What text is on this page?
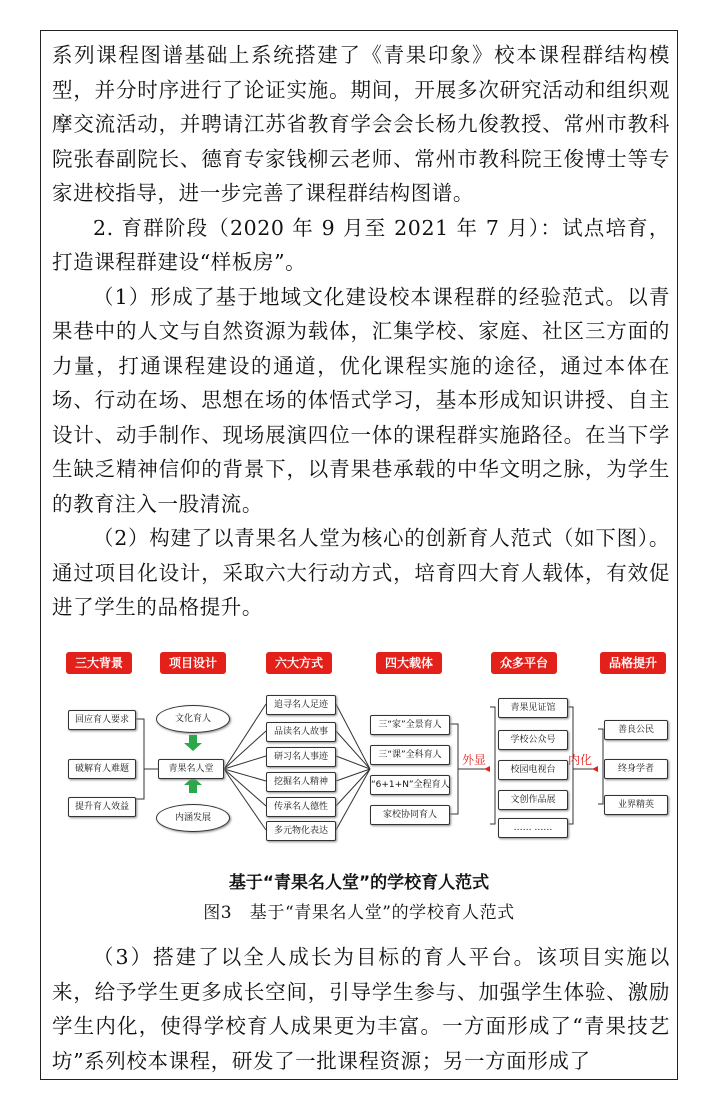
系列课程图谱基础上系统搭建了《青果印象》校本课程群结构模型，并分时序进行了论证实施。期间，开展多次研究活动和组织观摩交流活动，并聘请江苏省教育学会会长杨九俊教授、常州市教科院张春副院长、德育专家钱柳云老师、常州市教科院王俊博士等专家进校指导，进一步完善了课程群结构图谱。

2. 育群阶段（2020 年 9 月至 2021 年 7 月）：试点培育，打造课程群建设“样板房”。

（1）形成了基于地域文化建设校本课程群的经验范式。以青果巷中的人文与自然资源为载体，汇集学校、家庭、社区三方面的力量，打通课程建设的通道，优化课程实施的途径，通过本体在场、行动在场、思想在场的体悟式学习，基本形成知识讲授、自主设计、动手制作、现场展演四位一体的课程群实施路径。在当下学生缺乏精神信仰的背景下，以青果巷承载的中华文明之脉，为学生的教育注入一股清流。

（2）构建了以青果名人堂为核心的创新育人范式（如下图）。通过项目化设计，采取六大行动方式，培育四大育人载体，有效促进了学生的品格提升。

三大背景	项目设计	六大方式	四大载体	众多平台	品格提升
回应育人要求
破解育人难题
提升育人效益
文化育人
青果名人堂
内涵发展
追寻名人足迹
品读名人故事
研习名人事迹
挖掘名人精神
传承名人德性
多元物化表达
三“家”全景育人
三“课”全科育人
“6+1+N”全程育人
家校协同育人
外显
青果见证馆
学校公众号
校园电视台
文创作品展
…… ……
内化
善良公民
终身学者
业界精英
基于“青果名人堂”的学校育人范式
图3　基于“青果名人堂”的学校育人范式

（3）搭建了以全人成长为目标的育人平台。该项目实施以来，给予学生更多成长空间，引导学生参与、加强学生体验、激励学生内化，使得学校育人成果更为丰富。一方面形成了“青果技艺坊”系列校本课程，研发了一批课程资源；另一方面形成了
